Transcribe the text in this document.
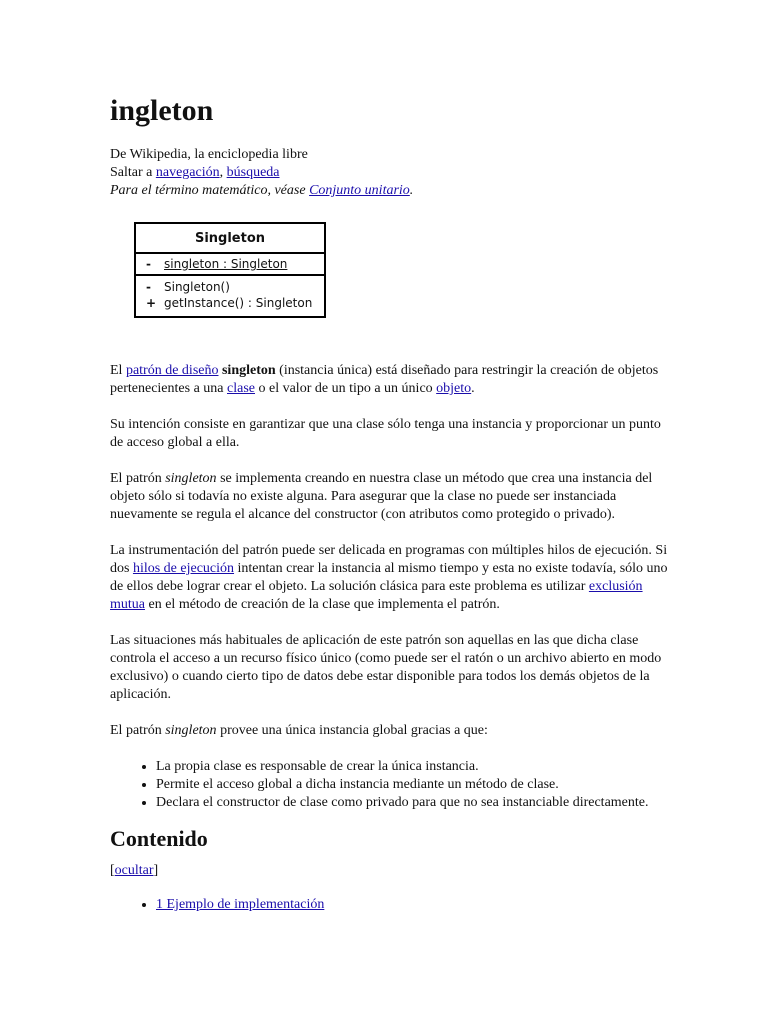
ingleton
De Wikipedia, la enciclopedia libre
Saltar a navegación, búsqueda
Para el término matemático, véase Conjunto unitario.
Singleton
- singleton : Singleton
- Singleton()
+ getInstance() : Singleton

El patrón de diseño singleton (instancia única) está diseñado para restringir la creación de objetos pertenecientes a una clase o el valor de un tipo a un único objeto.

Su intención consiste en garantizar que una clase sólo tenga una instancia y proporcionar un punto de acceso global a ella.

El patrón singleton se implementa creando en nuestra clase un método que crea una instancia del objeto sólo si todavía no existe alguna. Para asegurar que la clase no puede ser instanciada nuevamente se regula el alcance del constructor (con atributos como protegido o privado).

La instrumentación del patrón puede ser delicada en programas con múltiples hilos de ejecución. Si dos hilos de ejecución intentan crear la instancia al mismo tiempo y esta no existe todavía, sólo uno de ellos debe lograr crear el objeto. La solución clásica para este problema es utilizar exclusión mutua en el método de creación de la clase que implementa el patrón.

Las situaciones más habituales de aplicación de este patrón son aquellas en las que dicha clase controla el acceso a un recurso físico único (como puede ser el ratón o un archivo abierto en modo exclusivo) o cuando cierto tipo de datos debe estar disponible para todos los demás objetos de la aplicación.

El patrón singleton provee una única instancia global gracias a que:

• La propia clase es responsable de crear la única instancia.
• Permite el acceso global a dicha instancia mediante un método de clase.
• Declara el constructor de clase como privado para que no sea instanciable directamente.
Contenido
[ocultar]
• 1 Ejemplo de implementación
